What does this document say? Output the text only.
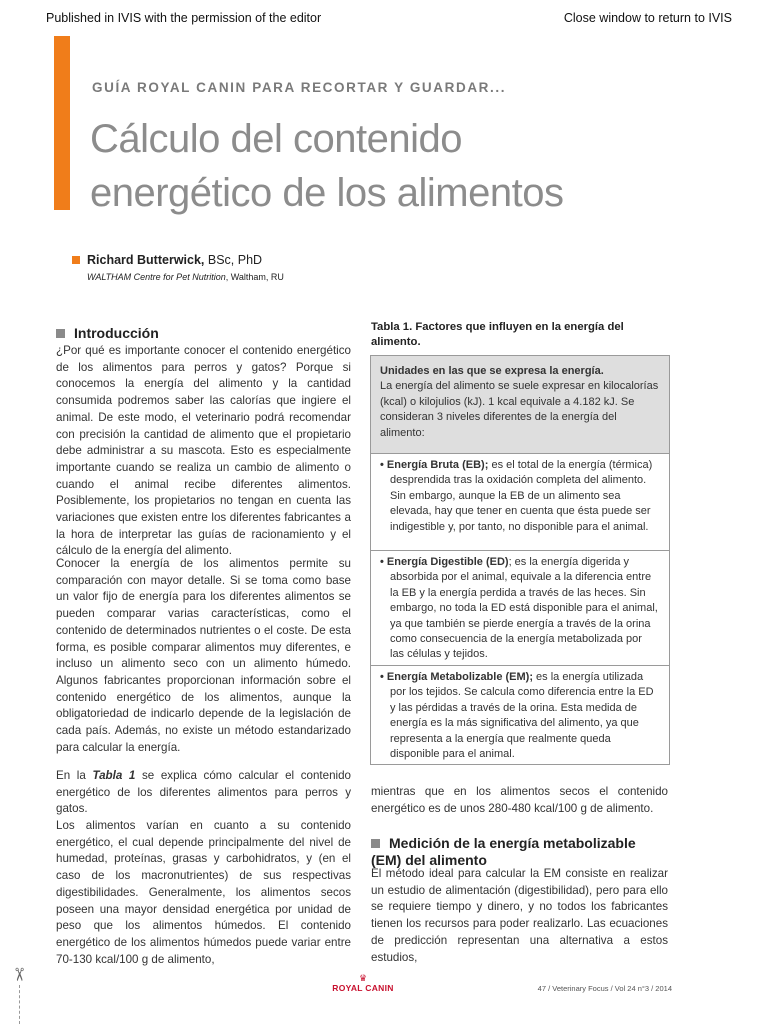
Published in IVIS with the permission of the editor	Close window to return to IVIS
GUÍA ROYAL CANIN PARA RECORTAR Y GUARDAR...
Cálculo del contenido
energético de los alimentos
Richard Butterwick, BSc, PhD
WALTHAM Centre for Pet Nutrition, Waltham, RU
Introducción
¿Por qué es importante conocer el contenido energético de los alimentos para perros y gatos? Porque si conocemos la energía del alimento y la cantidad consumida podremos saber las calorías que ingiere el animal. De este modo, el veterinario podrá recomendar con precisión la cantidad de alimento que el propietario debe administrar a su mascota. Esto es especialmente importante cuando se realiza un cambio de alimento o cuando el animal recibe diferentes alimentos. Posiblemente, los propietarios no tengan en cuenta las variaciones que existen entre los diferentes fabricantes a la hora de interpretar las guías de racionamiento y el cálculo de la energía del alimento.
Conocer la energía de los alimentos permite su comparación con mayor detalle. Si se toma como base un valor fijo de energía para los diferentes alimentos se pueden comparar varias características, como el contenido de determinados nutrientes o el coste. De esta forma, es posible comparar alimentos muy diferentes, e incluso un alimento seco con un alimento húmedo. Algunos fabricantes proporcionan información sobre el contenido energético de los alimentos, aunque la obligatoriedad de indicarlo depende de la legislación de cada país. Además, no existe un método estandarizado para calcular la energía.
En la Tabla 1 se explica cómo calcular el contenido energético de los diferentes alimentos para perros y gatos.
Los alimentos varían en cuanto a su contenido energético, el cual depende principalmente del nivel de humedad, proteínas, grasas y carbohidratos, y (en el caso de los macronutrientes) de sus respectivas digestibilidades. Generalmente, los alimentos secos poseen una mayor densidad energética por unidad de peso que los alimentos húmedos. El contenido energético de los alimentos húmedos puede variar entre 70-130 kcal/100 g de alimento,
Tabla 1. Factores que influyen en la energía del alimento.
Unidades en las que se expresa la energía.
La energía del alimento se suele expresar en kilocalorías (kcal) o kilojulios (kJ). 1 kcal equivale a 4.182 kJ. Se consideran 3 niveles diferentes de la energía del alimento:
• Energía Bruta (EB); es el total de la energía (térmica) desprendida tras la oxidación completa del alimento. Sin embargo, aunque la EB de un alimento sea elevada, hay que tener en cuenta que ésta puede ser indigestible y, por tanto, no disponible para el animal.
• Energía Digestible (ED); es la energía digerida y absorbida por el animal, equivale a la diferencia entre la EB y la energía perdida a través de las heces. Sin embargo, no toda la ED está disponible para el animal, ya que también se pierde energía a través de la orina como consecuencia de la energía metabolizada por las células y tejidos.
• Energía Metabolizable (EM); es la energía utilizada por los tejidos. Se calcula como diferencia entre la ED y las pérdidas a través de la orina. Esta medida de energía es la más significativa del alimento, ya que representa a la energía que realmente queda disponible para el animal.
mientras que en los alimentos secos el contenido energético es de unos 280-480 kcal/100 g de alimento.
Medición de la energía metabolizable
(EM) del alimento
El método ideal para calcular la EM consiste en realizar un estudio de alimentación (digestibilidad), pero para ello se requiere tiempo y dinero, y no todos los fabricantes tienen los recursos para poder realizarlo. Las ecuaciones de predicción representan una alternativa a estos estudios,
✂	♛
ROYAL CANIN	47 / Veterinary Focus / Vol 24 n°3 / 2014
